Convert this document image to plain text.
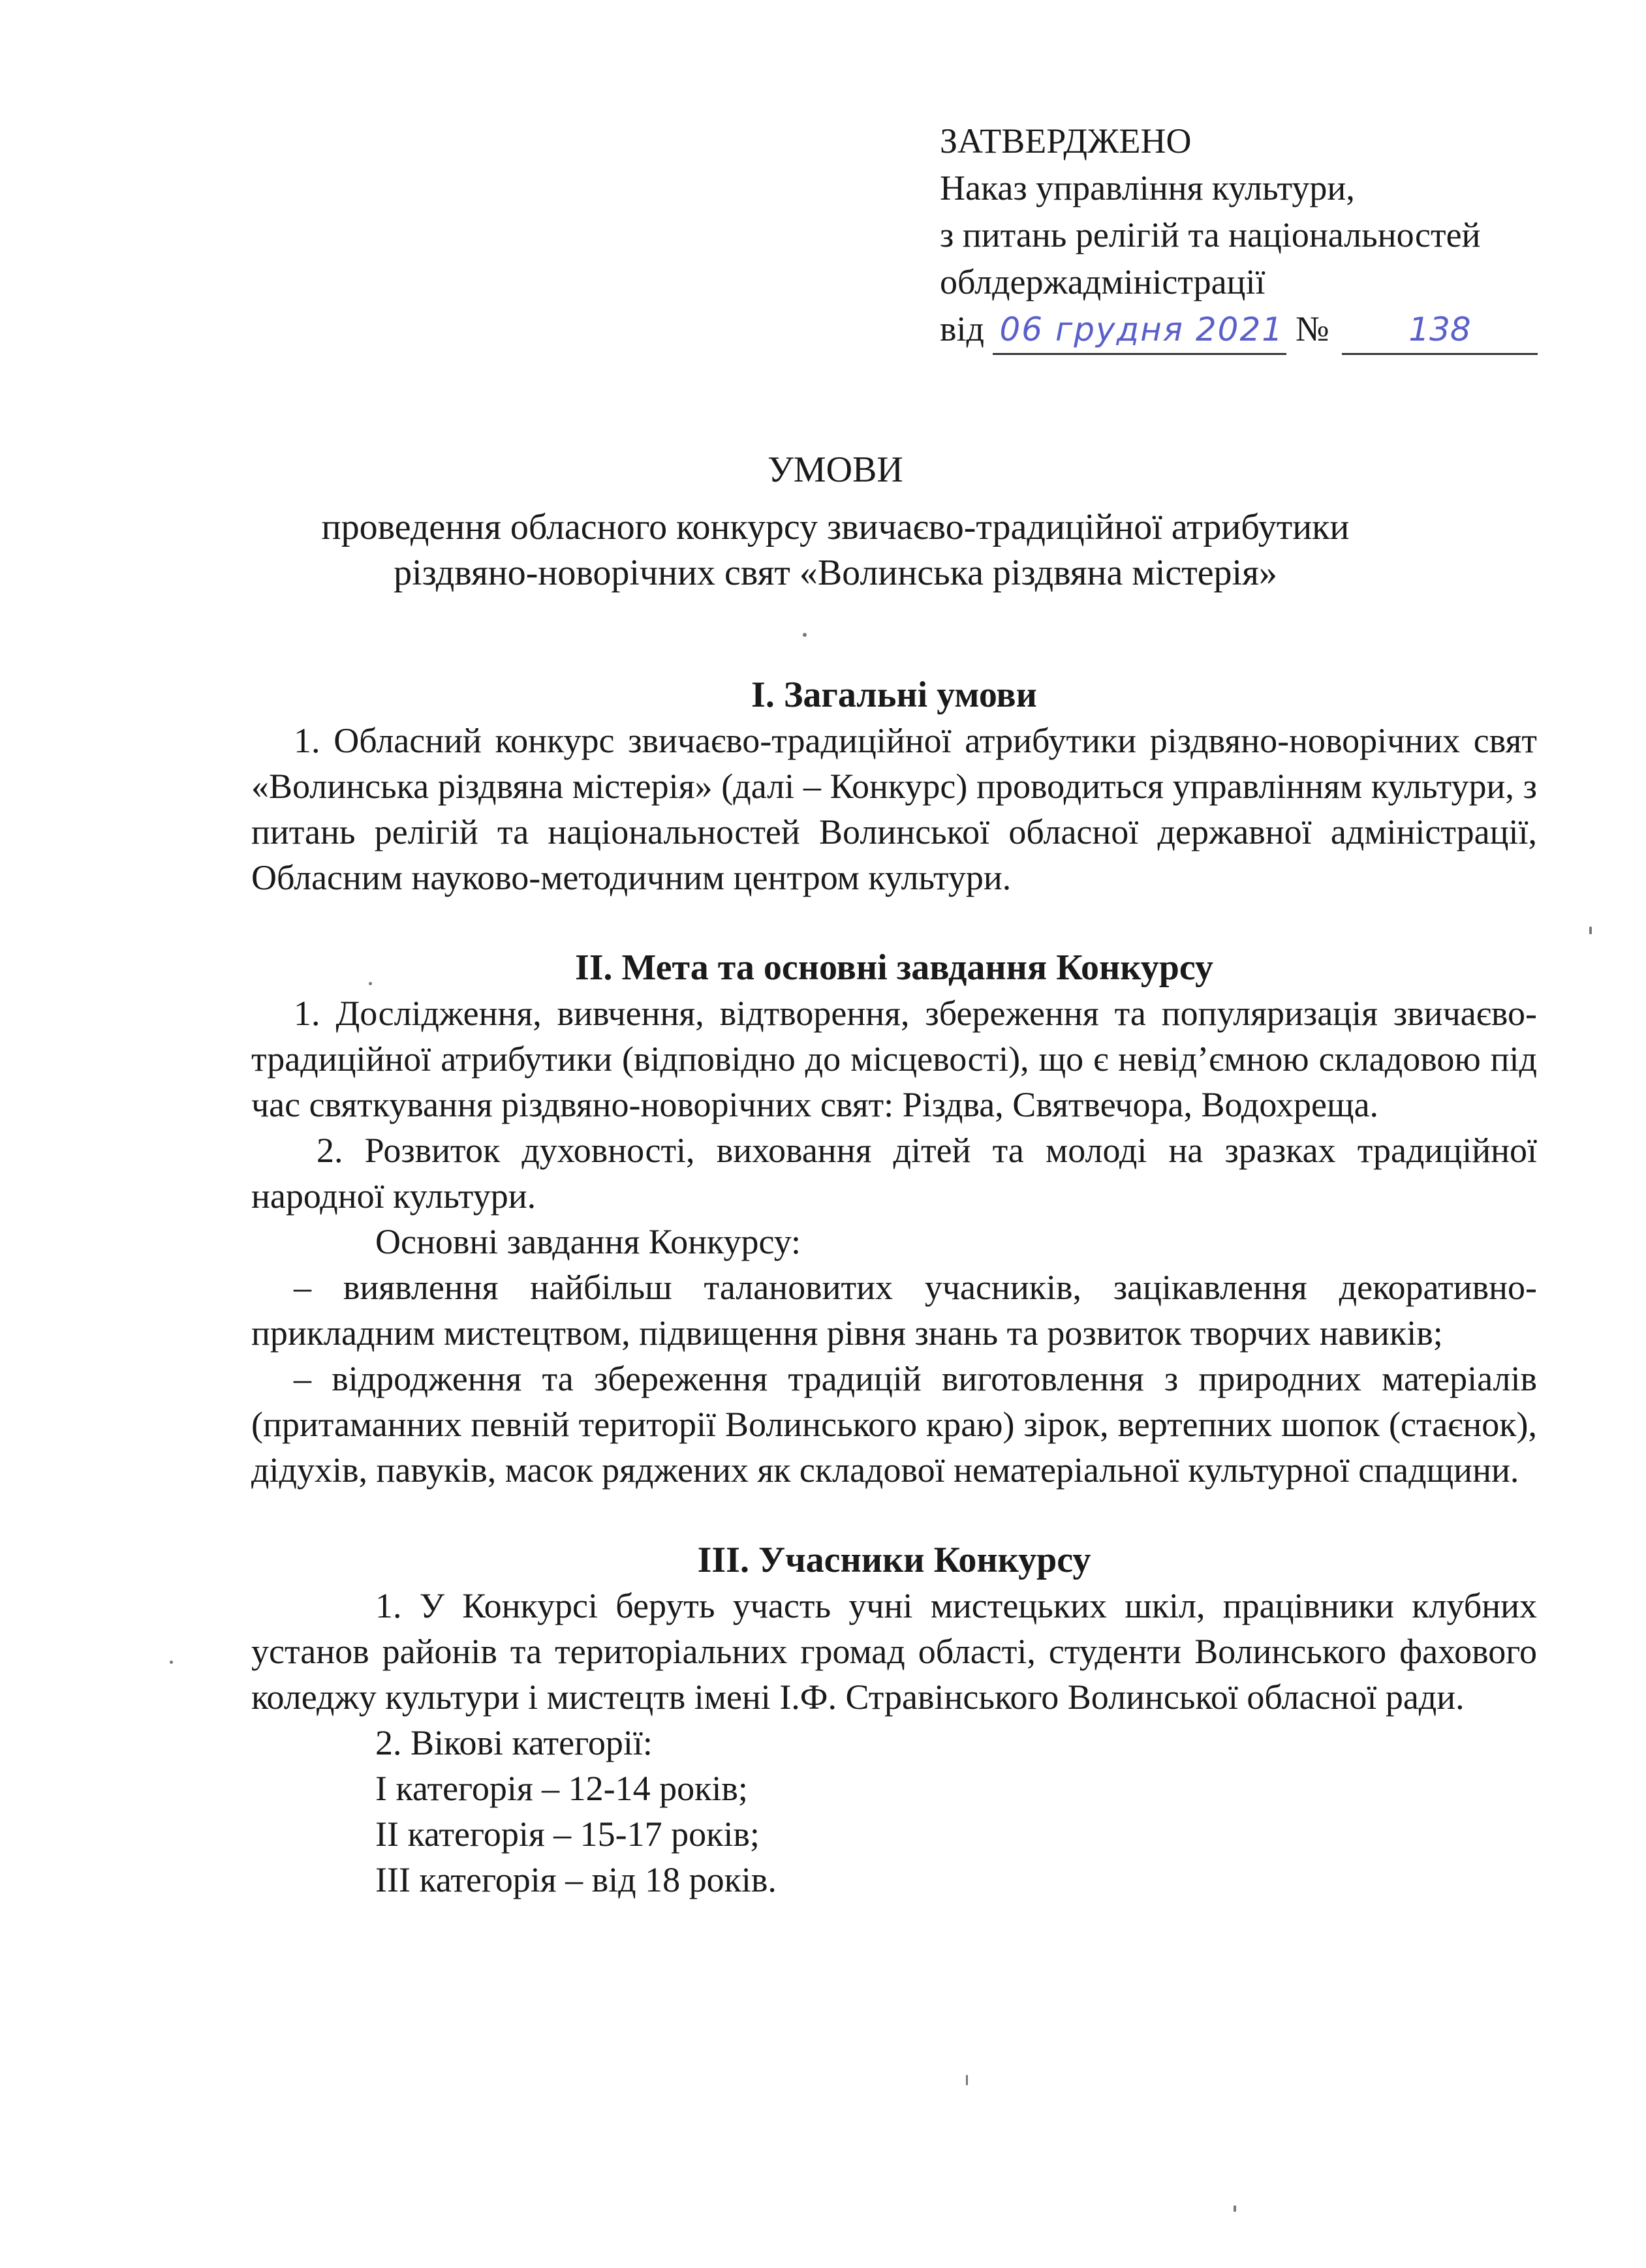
ЗАТВЕРДЖЕНО
Наказ управління культури,
з питань релігій та національностей
облдержадміністрації
від 06 грудня 2021 № 138
УМОВИ
проведення обласного конкурсу звичаєво-традиційної атрибутики
різдвяно-новорічних свят «Волинська різдвяна містерія»

І. Загальні умови

1. Обласний конкурс звичаєво-традиційної атрибутики різдвяно-новорічних свят «Волинська різдвяна містерія» (далі – Конкурс) проводиться управлінням культури, з питань релігій та національностей Волинської обласної державної адміністрації, Обласним науково-методичним центром культури.

ІІ. Мета та основні завдання Конкурсу

1. Дослідження, вивчення, відтворення, збереження та популяризація звичаєво-традиційної атрибутики (відповідно до місцевості), що є невід’ємною складовою під час святкування різдвяно-новорічних свят: Різдва, Святвечора, Водохреща.

2. Розвиток духовності, виховання дітей та молоді на зразках традиційної народної культури.

Основні завдання Конкурсу:

– виявлення найбільш талановитих учасників, зацікавлення декоративно-прикладним мистецтвом, підвищення рівня знань та розвиток творчих навиків;

– відродження та збереження традицій виготовлення з природних матеріалів (притаманних певній території Волинського краю) зірок, вертепних шопок (стаєнок), дідухів, павуків, масок ряджених як складової нематеріальної культурної спадщини.

ІІІ. Учасники Конкурсу

1. У Конкурсі беруть участь учні мистецьких шкіл, працівники клубних установ районів та територіальних громад області, студенти Волинського фахового коледжу культури і мистецтв імені І.Ф. Стравінського Волинської обласної ради.

2. Вікові категорії:

І категорія – 12-14 років;

ІІ категорія – 15-17 років;

ІІІ категорія – від 18 років.
